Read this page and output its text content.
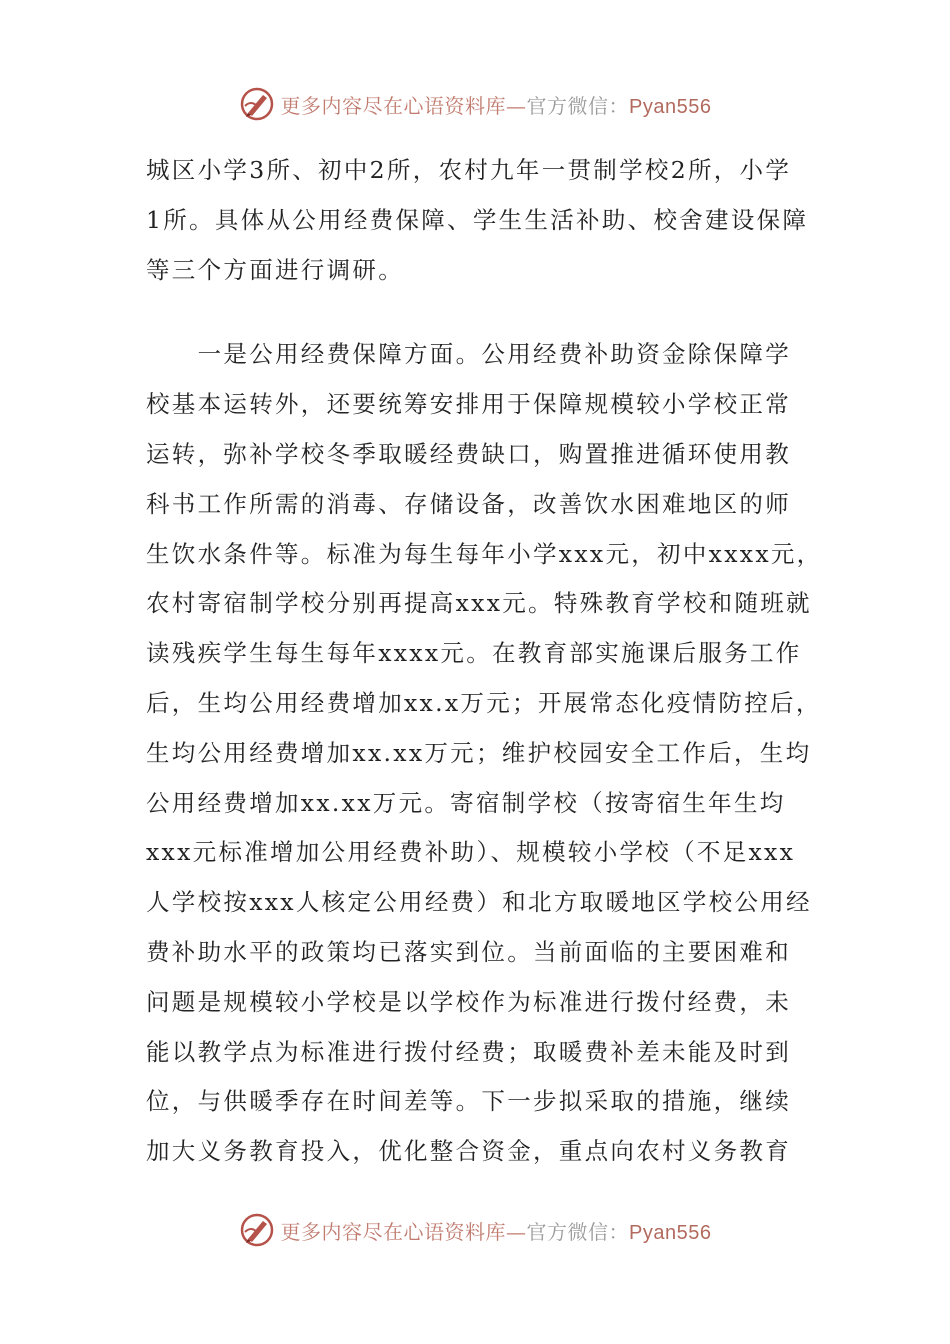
更多内容尽在心语资料库—官方微信：Pyan556

城区小学3所、初中2所，农村九年一贯制学校2所，小学
1所。具体从公用经费保障、学生生活补助、校舍建设保障
等三个方面进行调研。

　　一是公用经费保障方面。公用经费补助资金除保障学
校基本运转外，还要统筹安排用于保障规模较小学校正常
运转，弥补学校冬季取暖经费缺口，购置推进循环使用教
科书工作所需的消毒、存储设备，改善饮水困难地区的师
生饮水条件等。标准为每生每年小学xxx元，初中xxxx元，
农村寄宿制学校分别再提高xxx元。特殊教育学校和随班就
读残疾学生每生每年xxxx元。在教育部实施课后服务工作
后，生均公用经费增加xx.x万元；开展常态化疫情防控后，
生均公用经费增加xx.xx万元；维护校园安全工作后，生均
公用经费增加xx.xx万元。寄宿制学校（按寄宿生年生均
xxx元标准增加公用经费补助）、规模较小学校（不足xxx
人学校按xxx人核定公用经费）和北方取暖地区学校公用经
费补助水平的政策均已落实到位。当前面临的主要困难和
问题是规模较小学校是以学校作为标准进行拨付经费，未
能以教学点为标准进行拨付经费；取暖费补差未能及时到
位，与供暖季存在时间差等。下一步拟采取的措施，继续
加大义务教育投入，优化整合资金，重点向农村义务教育

更多内容尽在心语资料库—官方微信：Pyan556
